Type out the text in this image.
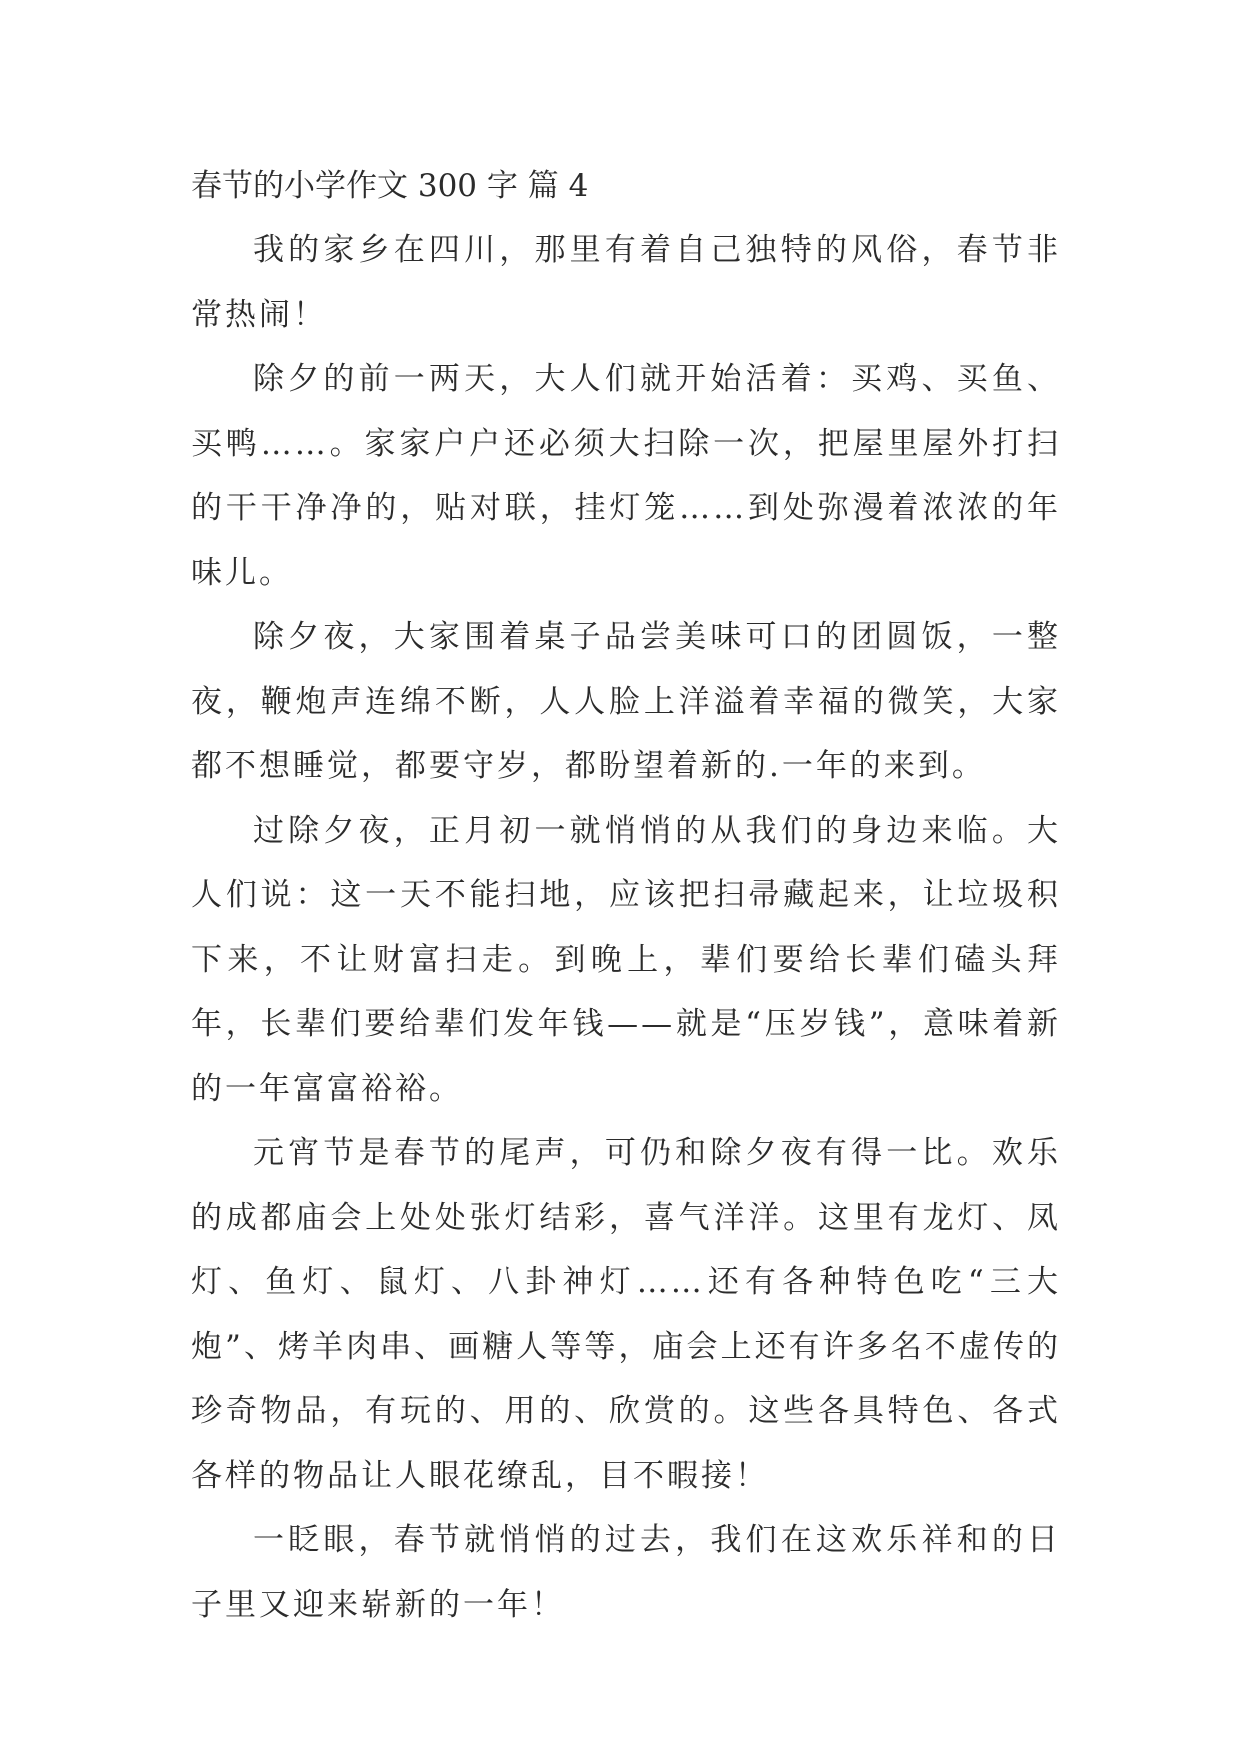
春节的小学作文 300 字 篇 4

我的家乡在四川，那里有着自己独特的风俗，春节非常热闹！

除夕的前一两天，大人们就开始活着：买鸡、买鱼、买鸭……。家家户户还必须大扫除一次，把屋里屋外打扫的干干净净的，贴对联，挂灯笼……到处弥漫着浓浓的年味儿。

除夕夜，大家围着桌子品尝美味可口的团圆饭，一整夜，鞭炮声连绵不断，人人脸上洋溢着幸福的微笑，大家都不想睡觉，都要守岁，都盼望着新的.一年的来到。

过除夕夜，正月初一就悄悄的从我们的身边来临。大人们说：这一天不能扫地，应该把扫帚藏起来，让垃圾积下来，不让财富扫走。到晚上，辈们要给长辈们磕头拜年，长辈们要给辈们发年钱——就是“压岁钱”，意味着新的一年富富裕裕。

元宵节是春节的尾声，可仍和除夕夜有得一比。欢乐的成都庙会上处处张灯结彩，喜气洋洋。这里有龙灯、凤灯、鱼灯、鼠灯、八卦神灯……还有各种特色吃“三大炮”、烤羊肉串、画糖人等等，庙会上还有许多名不虚传的珍奇物品，有玩的、用的、欣赏的。这些各具特色、各式各样的物品让人眼花缭乱，目不暇接！

一眨眼，春节就悄悄的过去，我们在这欢乐祥和的日子里又迎来崭新的一年！
